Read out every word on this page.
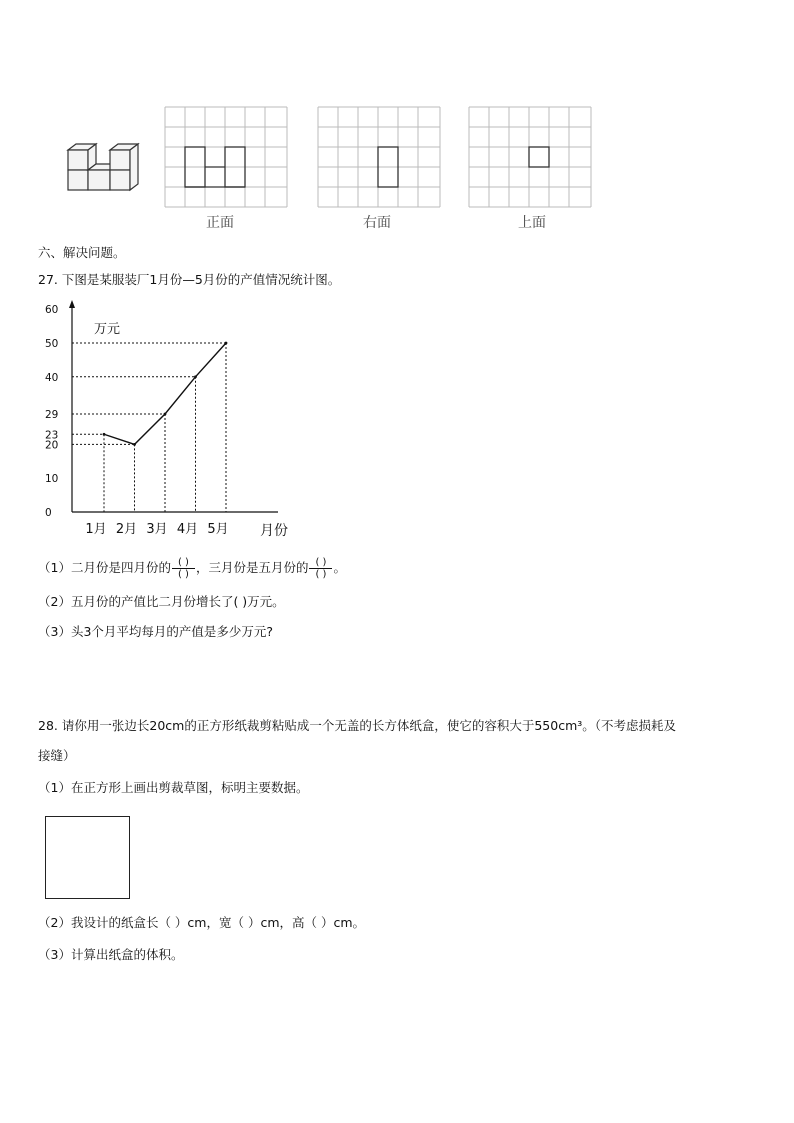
正面	右面	上面
六、解决问题。
27. 下图是某服装厂1月份—5月份的产值情况统计图。
60
50
40
29
23
20
10
0
万元
1月 2月 3月 4月 5月 月份
（1）二月份是四月份的 $\frac{( )}{( )}$ ，三月份是五月份的 $\frac{( )}{( )}$ 。
（2）五月份的产值比二月份增长了( )万元。
（3）头3个月平均每月的产值是多少万元?
28. 请你用一张边长20cm的正方形纸裁剪粘贴成一个无盖的长方体纸盒，使它的容积大于550cm³。（不考虑损耗及
接缝）
（1）在正方形上画出剪裁草图，标明主要数据。
（2）我设计的纸盒长（ ）cm，宽（ ）cm，高（ ）cm。
（3）计算出纸盒的体积。
